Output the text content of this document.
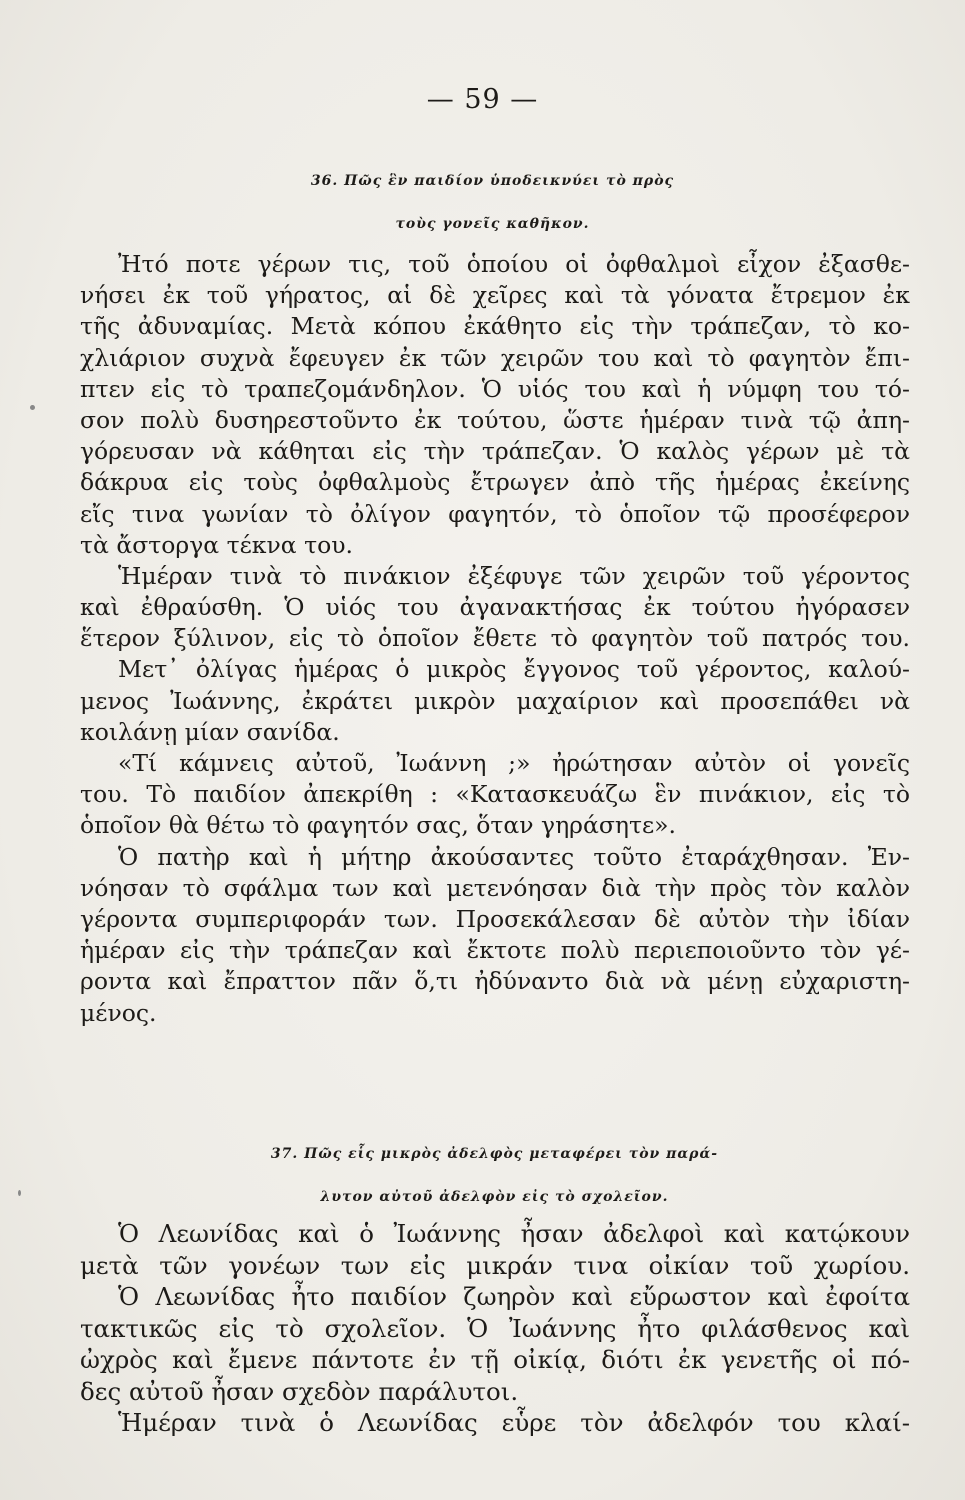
— 59 —
36. Πῶς ἓν παιδίον ὑποδεικνύει τὸ πρὸς
τοὺς γονεῖς καθῆκον.
Ἠτό ποτε γέρων τις, τοῦ ὁποίου οἱ ὀφθαλμοὶ εἶχον ἐξασθε-
νήσει ἐκ τοῦ γήρατος, αἱ δὲ χεῖρες καὶ τὰ γόνατα ἔτρεμον ἐκ
τῆς ἀδυναμίας. Μετὰ κόπου ἐκάθητο εἰς τὴν τράπεζαν, τὸ κο-
χλιάριον συχνὰ ἔφευγεν ἐκ τῶν χειρῶν του καὶ τὸ φαγητὸν ἔπι-
πτεν εἰς τὸ τραπεζομάνδηλον. Ὁ υἱός του καὶ ἡ νύμφη του τό-
σον πολὺ δυσηρεστοῦντο ἐκ τούτου, ὥστε ἡμέραν τινὰ τῷ ἀπη-
γόρευσαν νὰ κάθηται εἰς τὴν τράπεζαν. Ὁ καλὸς γέρων μὲ τὰ
δάκρυα εἰς τοὺς ὀφθαλμοὺς ἔτρωγεν ἀπὸ τῆς ἡμέρας ἐκείνης
εἴς τινα γωνίαν τὸ ὀλίγον φαγητόν, τὸ ὁποῖον τῷ προσέφερον
τὰ ἄστοργα τέκνα του.
Ἡμέραν τινὰ τὸ πινάκιον ἐξέφυγε τῶν χειρῶν τοῦ γέροντος
καὶ ἐθραύσθη. Ὁ υἱός του ἀγανακτήσας ἐκ τούτου ἠγόρασεν
ἕτερον ξύλινον, εἰς τὸ ὁποῖον ἔθετε τὸ φαγητὸν τοῦ πατρός του.
Μετ᾽ ὀλίγας ἡμέρας ὁ μικρὸς ἔγγονος τοῦ γέροντος, καλού-
μενος Ἰωάννης, ἐκράτει μικρὸν μαχαίριον καὶ προσεπάθει νὰ
κοιλάνῃ μίαν σανίδα.
«Τί κάμνεις αὐτοῦ, Ἰωάννη ;» ἠρώτησαν αὐτὸν οἱ γονεῖς
του. Τὸ παιδίον ἀπεκρίθη : «Κατασκευάζω ἓν πινάκιον, εἰς τὸ
ὁποῖον θὰ θέτω τὸ φαγητόν σας, ὅταν γηράσητε».
Ὁ πατὴρ καὶ ἡ μήτηρ ἀκούσαντες τοῦτο ἐταράχθησαν. Ἐν-
νόησαν τὸ σφάλμα των καὶ μετενόησαν διὰ τὴν πρὸς τὸν καλὸν
γέροντα συμπεριφοράν των. Προσεκάλεσαν δὲ αὐτὸν τὴν ἰδίαν
ἡμέραν εἰς τὴν τράπεζαν καὶ ἔκτοτε πολὺ περιεποιοῦντο τὸν γέ-
ροντα καὶ ἔπραττον πᾶν ὅ,τι ἠδύναντο διὰ νὰ μένῃ εὐχαριστη-
μένος.
37. Πῶς εἷς μικρὸς ἀδελφὸς μεταφέρει τὸν παρά-
λυτον αὐτοῦ ἀδελφὸν εἰς τὸ σχολεῖον.
Ὁ Λεωνίδας καὶ ὁ Ἰωάννης ἦσαν ἀδελφοὶ καὶ κατῴκουν
μετὰ τῶν γονέων των εἰς μικράν τινα οἰκίαν τοῦ χωρίου.
Ὁ Λεωνίδας ἦτο παιδίον ζωηρὸν καὶ εὔρωστον καὶ ἐφοίτα
τακτικῶς εἰς τὸ σχολεῖον. Ὁ Ἰωάννης ἦτο φιλάσθενος καὶ
ὠχρὸς καὶ ἔμενε πάντοτε ἐν τῇ οἰκίᾳ, διότι ἐκ γενετῆς οἱ πό-
δες αὐτοῦ ἦσαν σχεδὸν παράλυτοι.
Ἡμέραν τινὰ ὁ Λεωνίδας εὗρε τὸν ἀδελφόν του κλαί-
